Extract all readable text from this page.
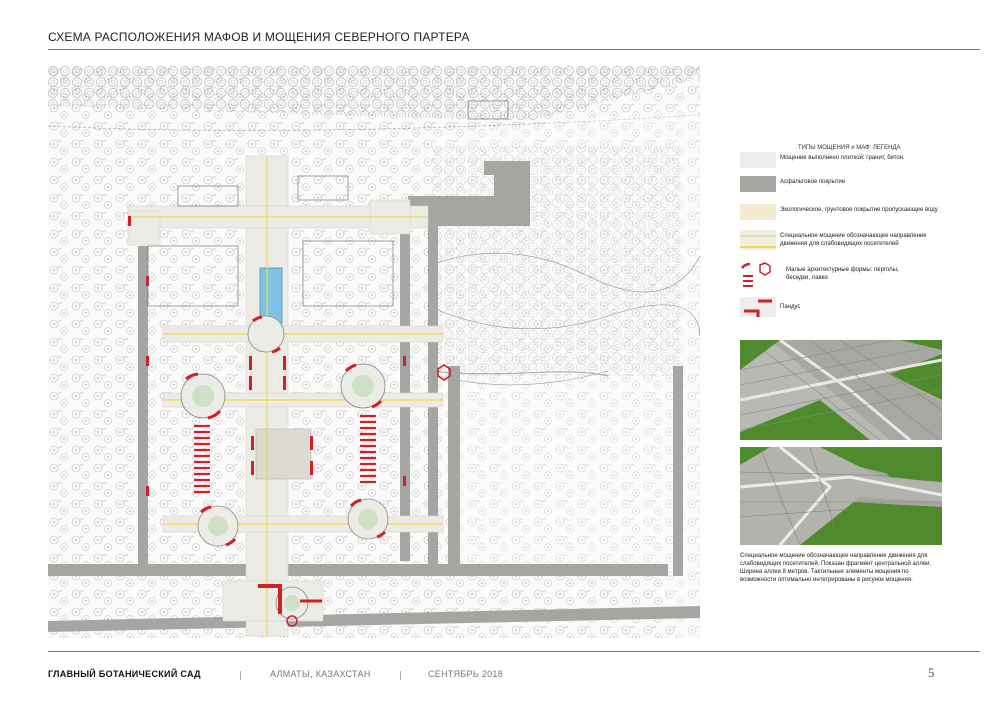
СХЕМА РАСПОЛОЖЕНИЯ МАФОВ И МОЩЕНИЯ СЕВЕРНОГО ПАРТЕРА
ТИПЫ МОЩЕНИЯ и МАФ: ЛЕГЕНДА
Мощение выполнено плиткой: гранит, бетон.
Асфальтовое покрытие
Экологическое, грунтовое покрытие пропускающее воду
Специальное мощение обозначающее направление движения для слабовидящих посетителей
Малые архитектурные формы: перголы, беседки, лавки
Пандус
Специальное мощение обозначающее направление движения для слабовидящих посетителей. Показан фрагмент центральной аллеи. Ширина аллеи 8 метров. Тактильные элементы мощения по возможности оптимально интегрированы в рисунок мощения.
ГЛАВНЫЙ БОТАНИЧЕСКИЙ САД	АЛМАТЫ, КАЗАХСТАН	СЕНТЯБРЬ 2018	5
